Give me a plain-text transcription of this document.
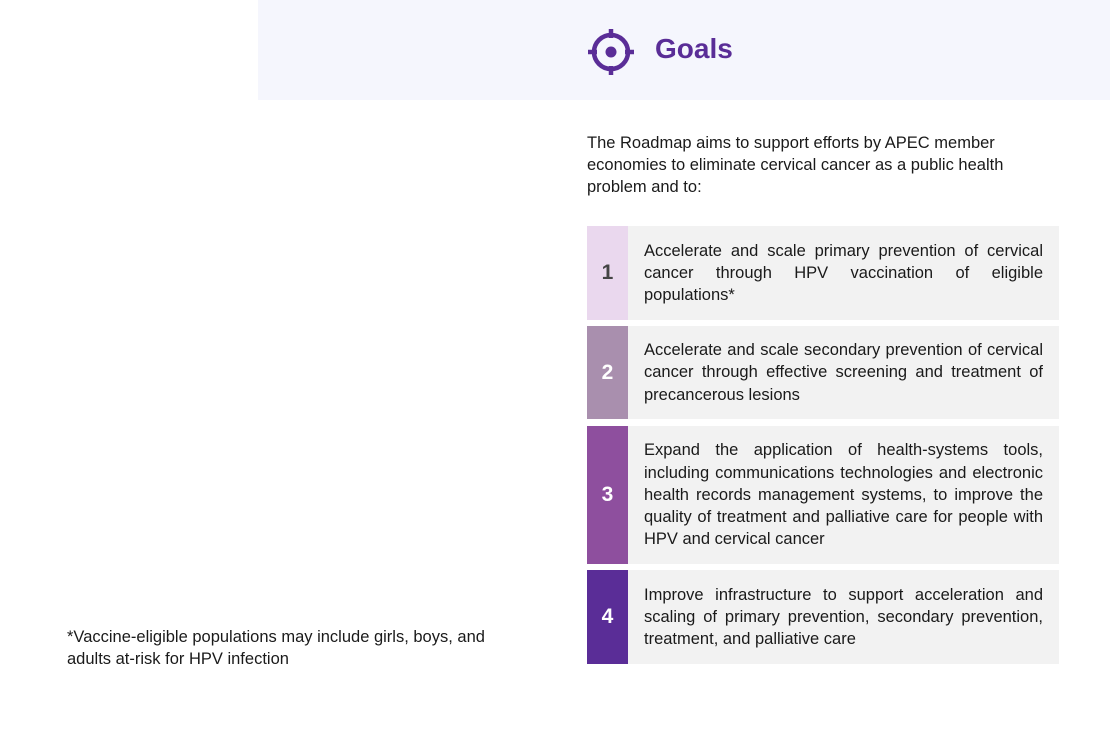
Goals
The Roadmap aims to support efforts by APEC member economies to eliminate cervical cancer as a public health problem and to:
1
Accelerate and scale primary prevention of cervical cancer through HPV vaccination of eligible populations*
2
Accelerate and scale secondary prevention of cervical cancer through effective screening and treatment of precancerous lesions
3
Expand the application of health-systems tools, including communications technologies and electronic health records management systems, to improve the quality of treatment and palliative care for people with HPV and cervical cancer
4
Improve infrastructure to support acceleration and scaling of primary prevention, secondary prevention, treatment, and palliative care
*Vaccine-eligible populations may include girls, boys, and adults at-risk for HPV infection
